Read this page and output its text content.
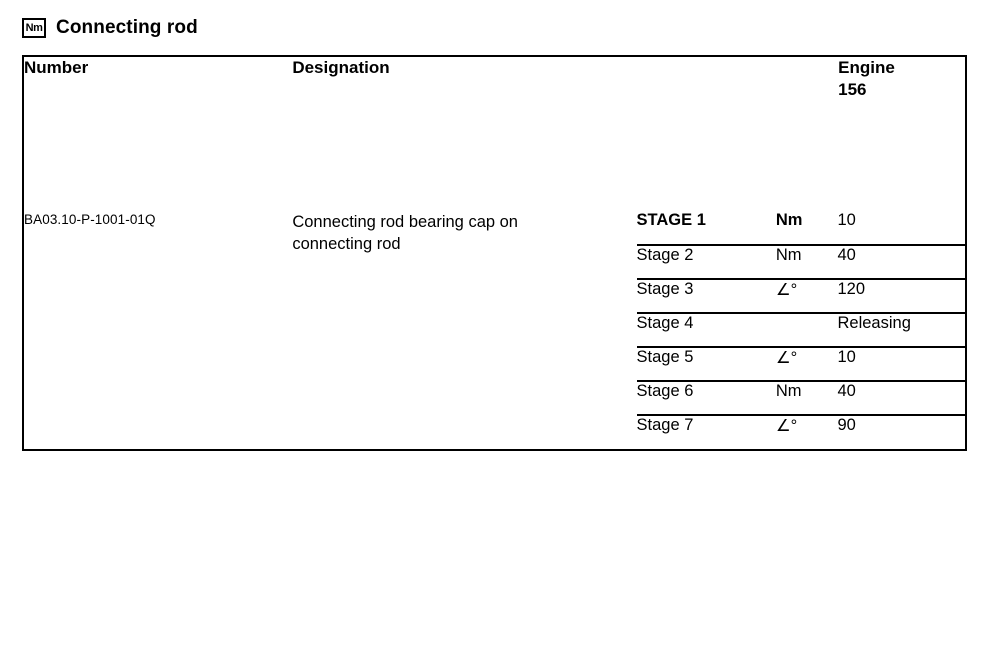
Nm Connecting rod
Number	Designation	Engine
156

BA03.10-P-1001-01Q	Connecting rod bearing cap on
connecting rod

STAGE 1	Nm	10
Stage 2	Nm	40
Stage 3	∠°	120
Stage 4		Releasing
Stage 5	∠°	10
Stage 6	Nm	40
Stage 7	∠°	90
